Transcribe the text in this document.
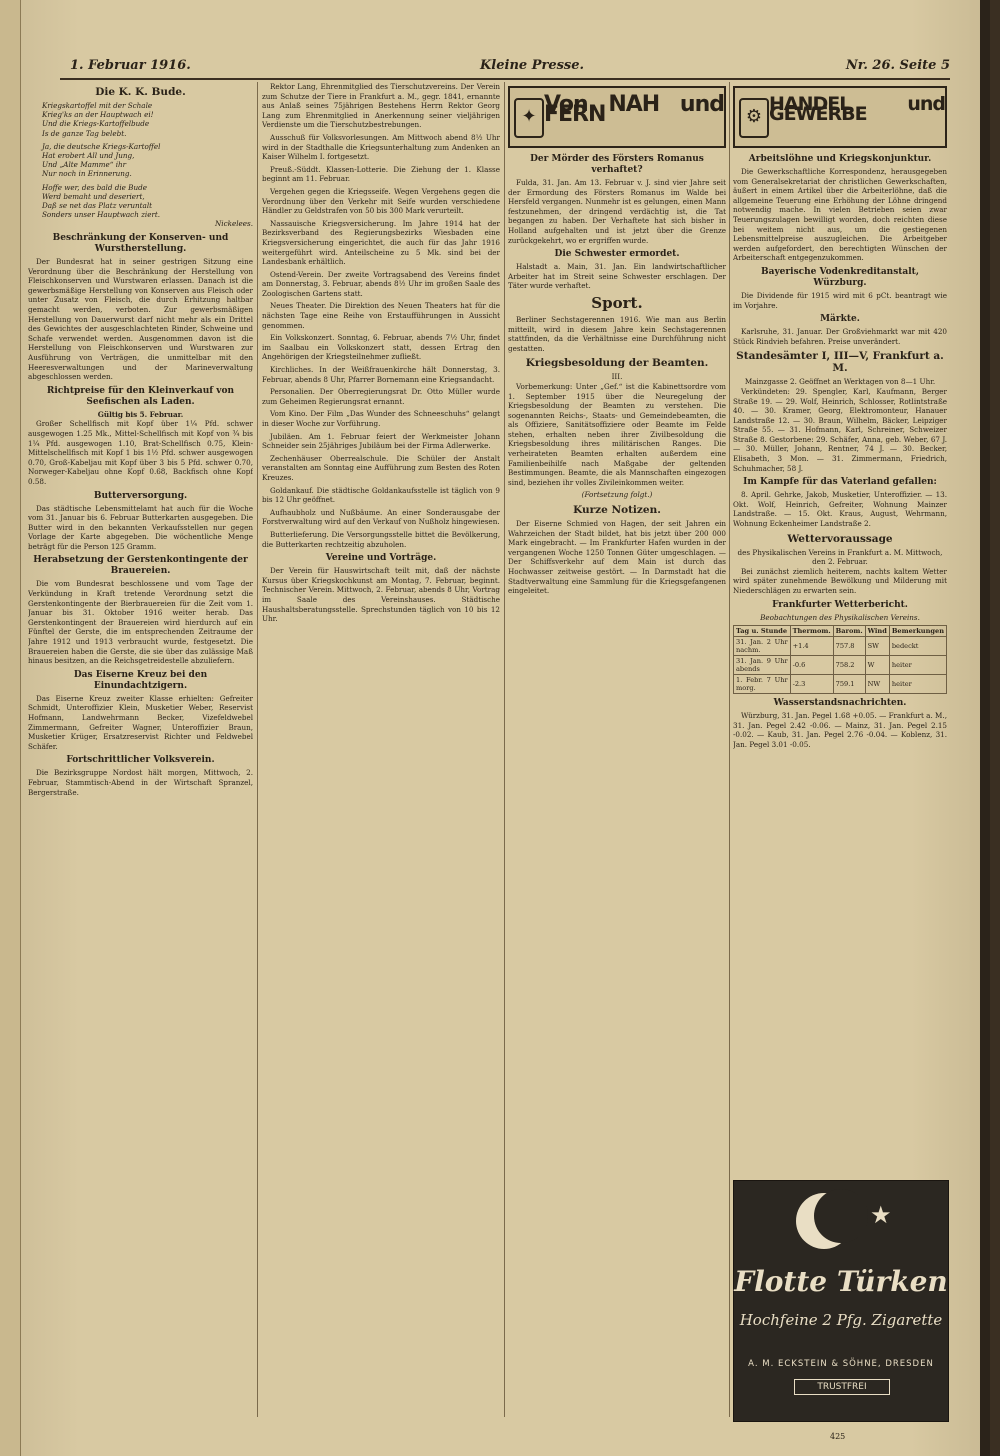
1. Februar 1916.	Kleine Presse.	Nr. 26. Seite 5
Die K. K. Bude.
Kriegskartoffel mit der Schale
Krieg'ks an der Hauptwach ei!
Und die Kriegs-Kartoffelbude
Is de ganze Tag belebt.
Ja, die deutsche Kriegs-Kartoffel
Hat erobert All und Jung,
Und „Alte Mamme“ ihr
Nur noch in Erinnerung.
Hoffe wer, des bald die Bude
Werd bemaht und deseriert,
Daß se net das Platz veruntalt
Sonders unser Hauptwach ziert.
Nickelees.
Beschränkung der Konserven- und Wurstherstellung.

Der Bundesrat hat in seiner gestrigen Sitzung eine Verordnung über die Beschränkung der Herstellung von Fleischkonserven und Wurstwaren erlassen. Danach ist die gewerbsmäßige Herstellung von Konserven aus Fleisch oder unter Zusatz von Fleisch, die durch Erhitzung haltbar gemacht werden, verboten. Zur gewerbsmäßigen Herstellung von Dauerwurst darf nicht mehr als ein Drittel des Gewichtes der ausgeschlachteten Rinder, Schweine und Schafe verwendet werden. Ausgenommen davon ist die Herstellung von Fleischkonserven und Wurstwaren zur Ausführung von Verträgen, die unmittelbar mit den Heeresverwaltungen und der Marineverwaltung abgeschlossen werden.

Richtpreise für den Kleinverkauf von Seefischen als Laden.
Gültig bis 5. Februar.

Großer Schellfisch mit Kopf über 1¼ Pfd. schwer ausgewogen 1.25 Mk., Mittel-Schellfisch mit Kopf von ¾ bis 1¼ Pfd. ausgewogen 1.10, Brat-Schellfisch 0.75, Klein-Mittelschellfisch mit Kopf 1 bis 1½ Pfd. schwer ausgewogen 0.70, Groß-Kabeljau mit Kopf über 3 bis 5 Pfd. schwer 0.70, Norweger-Kabeljau ohne Kopf 0.68, Backfisch ohne Kopf 0.58.

Butterversorgung.

Das städtische Lebensmittelamt hat auch für die Woche vom 31. Januar bis 6. Februar Butterkarten ausgegeben. Die Butter wird in den bekannten Verkaufsstellen nur gegen Vorlage der Karte abgegeben. Die wöchentliche Menge beträgt für die Person 125 Gramm.

Herabsetzung der Gerstenkontingente der Brauereien.

Die vom Bundesrat beschlossene und vom Tage der Verkündung in Kraft tretende Verordnung setzt die Gerstenkontingente der Bierbrauereien für die Zeit vom 1. Januar bis 31. Oktober 1916 weiter herab. Das Gerstenkontingent der Brauereien wird hierdurch auf ein Fünftel der Gerste, die im entsprechenden Zeitraume der Jahre 1912 und 1913 verbraucht wurde, festgesetzt. Die Brauereien haben die Gerste, die sie über das zulässige Maß hinaus besitzen, an die Reichsgetreidestelle abzuliefern.

Das Eiserne Kreuz bei den Einundachtzigern.

Das Eiserne Kreuz zweiter Klasse erhielten: Gefreiter Schmidt, Unteroffizier Klein, Musketier Weber, Reservist Hofmann, Landwehrmann Becker, Vizefeldwebel Zimmermann, Gefreiter Wagner, Unteroffizier Braun, Musketier Krüger, Ersatzreservist Richter und Feldwebel Schäfer.

Fortschrittlicher Volksverein.

Die Bezirksgruppe Nordost hält morgen, Mittwoch, 2. Februar, Stammtisch-Abend in der Wirtschaft Spranzel, Bergerstraße.

Rektor Lang, Ehrenmitglied des Tierschutzvereins. Der Verein zum Schutze der Tiere in Frankfurt a. M., gegr. 1841, ernannte aus Anlaß seines 75jährigen Bestehens Herrn Rektor Georg Lang zum Ehrenmitglied in Anerkennung seiner vieljährigen Verdienste um die Tierschutzbestrebungen.

Ausschuß für Volksvorlesungen. Am Mittwoch abend 8½ Uhr wird in der Stadthalle die Kriegsunterhaltung zum Andenken an Kaiser Wilhelm I. fortgesetzt.

Preuß.-Süddt. Klassen-Lotterie. Die Ziehung der 1. Klasse beginnt am 11. Februar.

Vergehen gegen die Kriegsseife. Wegen Vergehens gegen die Verordnung über den Verkehr mit Seife wurden verschiedene Händler zu Geldstrafen von 50 bis 300 Mark verurteilt.

Nassauische Kriegsversicherung. Im Jahre 1914 hat der Bezirksverband des Regierungsbezirks Wiesbaden eine Kriegsversicherung eingerichtet, die auch für das Jahr 1916 weitergeführt wird. Anteilscheine zu 5 Mk. sind bei der Landesbank erhältlich.

Ostend-Verein. Der zweite Vortragsabend des Vereins findet am Donnerstag, 3. Februar, abends 8½ Uhr im großen Saale des Zoologischen Gartens statt.

Neues Theater. Die Direktion des Neuen Theaters hat für die nächsten Tage eine Reihe von Erstaufführungen in Aussicht genommen.

Ein Volkskonzert. Sonntag, 6. Februar, abends 7½ Uhr, findet im Saalbau ein Volkskonzert statt, dessen Ertrag den Angehörigen der Kriegsteilnehmer zufließt.

Kirchliches. In der Weißfrauenkirche hält Donnerstag, 3. Februar, abends 8 Uhr, Pfarrer Bornemann eine Kriegsandacht.

Personalien. Der Oberregierungsrat Dr. Otto Müller wurde zum Geheimen Regierungsrat ernannt.

Vom Kino. Der Film „Das Wunder des Schneeschuhs“ gelangt in dieser Woche zur Vorführung.

Jubiläen. Am 1. Februar feiert der Werkmeister Johann Schneider sein 25jähriges Jubiläum bei der Firma Adlerwerke.

Zechenhäuser Oberrealschule. Die Schüler der Anstalt veranstalten am Sonntag eine Aufführung zum Besten des Roten Kreuzes.

Goldankauf. Die städtische Goldankaufsstelle ist täglich von 9 bis 12 Uhr geöffnet.

Aufhaubholz und Nußbäume. An einer Sonderausgabe der Forstverwaltung wird auf den Verkauf von Nußholz hingewiesen.

Butterlieferung. Die Versorgungsstelle bittet die Bevölkerung, die Butterkarten rechtzeitig abzuholen.

Vereine und Vorträge.

Der Verein für Hauswirtschaft teilt mit, daß der nächste Kursus über Kriegskochkunst am Montag, 7. Februar, beginnt. Technischer Verein. Mittwoch, 2. Februar, abends 8 Uhr, Vortrag im Saale des Vereinshauses. Städtische Haushaltsberatungsstelle. Sprechstunden täglich von 10 bis 12 Uhr.

✦ Von NAH und FERN
Der Mörder des Försters Romanus verhaftet?

Fulda, 31. Jan. Am 13. Februar v. J. sind vier Jahre seit der Ermordung des Försters Romanus im Walde bei Hersfeld vergangen. Nunmehr ist es gelungen, einen Mann festzunehmen, der dringend verdächtig ist, die Tat begangen zu haben. Der Verhaftete hat sich bisher in Holland aufgehalten und ist jetzt über die Grenze zurückgekehrt, wo er ergriffen wurde.

Die Schwester ermordet.

Halstadt a. Main, 31. Jan. Ein landwirtschaftlicher Arbeiter hat im Streit seine Schwester erschlagen. Der Täter wurde verhaftet.

Sport.

Berliner Sechstagerennen 1916. Wie man aus Berlin mitteilt, wird in diesem Jahre kein Sechstagerennen stattfinden, da die Verhältnisse eine Durchführung nicht gestatten.

Kriegsbesoldung der Beamten.
III.

Vorbemerkung: Unter „Gef.“ ist die Kabinettsordre vom 1. September 1915 über die Neuregelung der Kriegsbesoldung der Beamten zu verstehen. Die sogenannten Reichs-, Staats- und Gemeindebeamten, die als Offiziere, Sanitätsoffiziere oder Beamte im Felde stehen, erhalten neben ihrer Zivilbesoldung die Kriegsbesoldung ihres militärischen Ranges. Die verheirateten Beamten erhalten außerdem eine Familienbeihilfe nach Maßgabe der geltenden Bestimmungen. Beamte, die als Mannschaften eingezogen sind, beziehen ihr volles Zivileinkommen weiter.

(Fortsetzung folgt.)
Kurze Notizen.

Der Eiserne Schmied von Hagen, der seit Jahren ein Wahrzeichen der Stadt bildet, hat bis jetzt über 200 000 Mark eingebracht. — Im Frankfurter Hafen wurden in der vergangenen Woche 1250 Tonnen Güter umgeschlagen. — Der Schiffsverkehr auf dem Main ist durch das Hochwasser zeitweise gestört. — In Darmstadt hat die Stadtverwaltung eine Sammlung für die Kriegsgefangenen eingeleitet.

⚙
HANDEL und GEWERBE
Arbeitslöhne und Kriegskonjunktur.

Die Gewerkschaftliche Korrespondenz, herausgegeben vom Generalsekretariat der christlichen Gewerkschaften, äußert in einem Artikel über die Arbeiterlöhne, daß die allgemeine Teuerung eine Erhöhung der Löhne dringend notwendig mache. In vielen Betrieben seien zwar Teuerungszulagen bewilligt worden, doch reichten diese bei weitem nicht aus, um die gestiegenen Lebensmittelpreise auszugleichen. Die Arbeitgeber werden aufgefordert, den berechtigten Wünschen der Arbeiterschaft entgegenzukommen.

Bayerische Vodenkreditanstalt, Würzburg.

Die Dividende für 1915 wird mit 6 pCt. beantragt wie im Vorjahre.

Märkte.

Karlsruhe, 31. Januar. Der Großviehmarkt war mit 420 Stück Rindvieh befahren. Preise unverändert.

Standesämter I, III—V, Frankfurt a. M.
Mainzgasse 2. Geöffnet an Werktagen von 8—1 Uhr.

Verkündeten: 29. Spengler, Karl, Kaufmann, Berger Straße 19. — 29. Wolf, Heinrich, Schlosser, Rotlintstraße 40. — 30. Kramer, Georg, Elektromonteur, Hanauer Landstraße 12. — 30. Braun, Wilhelm, Bäcker, Leipziger Straße 55. — 31. Hofmann, Karl, Schreiner, Schweizer Straße 8. Gestorbene: 29. Schäfer, Anna, geb. Weber, 67 J. — 30. Müller, Johann, Rentner, 74 J. — 30. Becker, Elisabeth, 3 Mon. — 31. Zimmermann, Friedrich, Schuhmacher, 58 J.

Im Kampfe für das Vaterland gefallen:

8. April. Gehrke, Jakob, Musketier, Unteroffizier. — 13. Okt. Wolf, Heinrich, Gefreiter, Wohnung Mainzer Landstraße. — 15. Okt. Kraus, August, Wehrmann, Wohnung Eckenheimer Landstraße 2.

Wettervoraussage
des Physikalischen Vereins in Frankfurt a. M. Mittwoch, den 2. Februar.

Bei zunächst ziemlich heiterem, nachts kaltem Wetter wird später zunehmende Bewölkung und Milderung mit Niederschlägen zu erwarten sein.

Frankfurter Wetterbericht.
Beobachtungen des Physikalischen Vereins.
Tag u. Stunde	Thermom.	Barom.	Wind	Bemerkungen
31. Jan. 2 Uhr nachm.	+1.4	757.8	SW	bedeckt
31. Jan. 9 Uhr abends	-0.6	758.2	W	heiter
1. Febr. 7 Uhr morg.	-2.3	759.1	NW	heiter
Wasserstandsnachrichten.

Würzburg, 31. Jan. Pegel 1.68 +0.05. — Frankfurt a. M., 31. Jan. Pegel 2.42 -0.06. — Mainz, 31. Jan. Pegel 2.15 -0.02. — Kaub, 31. Jan. Pegel 2.76 -0.04. — Koblenz, 31. Jan. Pegel 3.01 -0.05.

★
Flotte Türken
Hochfeine 2 Pfg. Zigarette
A. M. ECKSTEIN & SÖHNE, DRESDEN
TRUSTFREI
425
